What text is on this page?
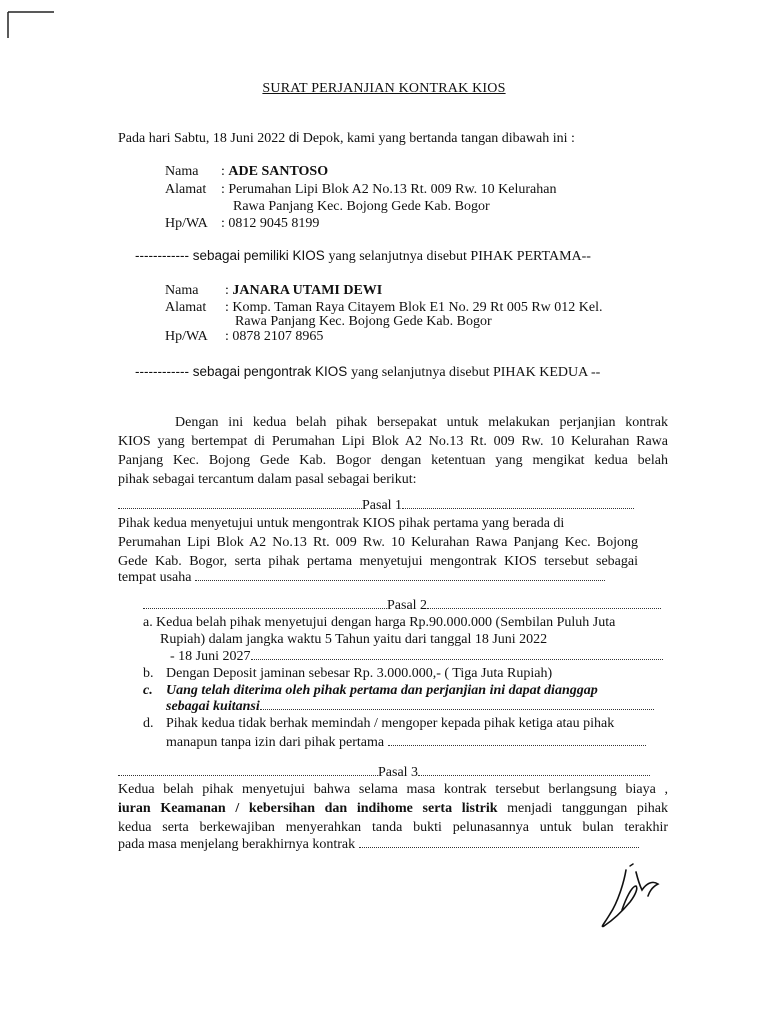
SURAT PERJANJIAN KONTRAK KIOS
Pada hari Sabtu, 18 Juni 2022 di Depok, kami yang bertanda tangan dibawah ini :
Nama : ADE SANTOSO
Alamat : Perumahan Lipi Blok A2 No.13 Rt. 009 Rw. 10 Kelurahan
Rawa Panjang Kec. Bojong Gede Kab. Bogor
Hp/WA : 0812 9045 8199
------------ sebagai pemiliki KIOS yang selanjutnya disebut PIHAK PERTAMA--
Nama : JANARA UTAMI DEWI
Alamat : Komp. Taman Raya Citayem Blok E1 No. 29 Rt 005 Rw 012 Kel.
Rawa Panjang Kec. Bojong Gede Kab. Bogor
Hp/WA : 0878 2107 8965
------------ sebagai pengontrak KIOS yang selanjutnya disebut PIHAK KEDUA --
Dengan ini kedua belah pihak bersepakat untuk melakukan perjanjian kontrak
KIOS yang bertempat di Perumahan Lipi Blok A2 No.13 Rt. 009 Rw. 10 Kelurahan Rawa
Panjang Kec. Bojong Gede Kab. Bogor dengan ketentuan yang mengikat kedua belah
pihak sebagai tercantum dalam pasal sebagai berikut:
Pasal 1
Pihak kedua menyetujui untuk mengontrak KIOS pihak pertama yang berada di
Perumahan Lipi Blok A2 No.13 Rt. 009 Rw. 10 Kelurahan Rawa Panjang Kec. Bojong
Gede Kab. Bogor, serta pihak pertama menyetujui mengontrak KIOS tersebut sebagai
tempat usaha
Pasal 2
a. Kedua belah pihak menyetujui dengan harga Rp.90.000.000 (Sembilan Puluh Juta
Rupiah) dalam jangka waktu 5 Tahun yaitu dari tanggal 18 Juni 2022
- 18 Juni 2027
b. Dengan Deposit jaminan sebesar Rp. 3.000.000,- ( Tiga Juta Rupiah)
c. Uang telah diterima oleh pihak pertama dan perjanjian ini dapat dianggap
sebagai kuitansi
d. Pihak kedua tidak berhak memindah / mengoper kepada pihak ketiga atau pihak
manapun tanpa izin dari pihak pertama
Pasal 3
Kedua belah pihak menyetujui bahwa selama masa kontrak tersebut berlangsung biaya ,
iuran Keamanan / kebersihan dan indihome serta listrik menjadi tanggungan pihak
kedua serta berkewajiban menyerahkan tanda bukti pelunasannya untuk bulan terakhir
pada masa menjelang berakhirnya kontrak
